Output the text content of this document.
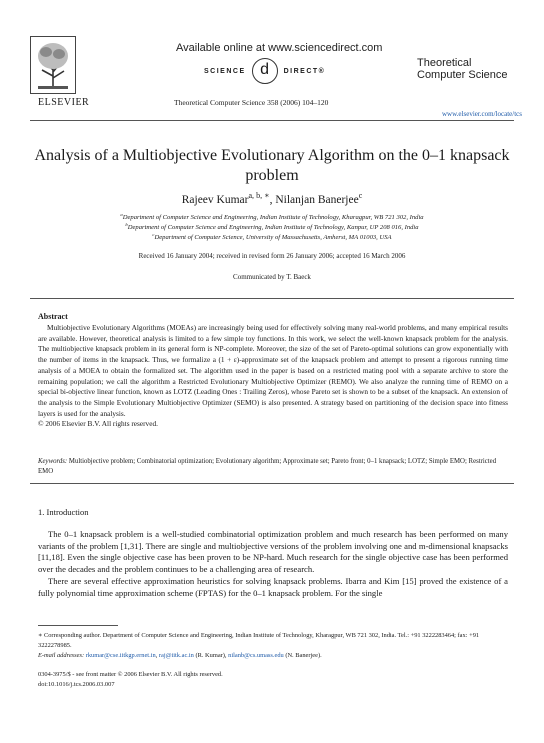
ELSEVIER
Available online at www.sciencedirect.com
SCIENCE d	DIRECT®
Theoretical Computer Science 358 (2006) 104–120
Theoretical
Computer Science
www.elsevier.com/locate/tcs
Analysis of a Multiobjective Evolutionary Algorithm on the 0–1 knapsack problem
Rajeev Kumar$^{a, b, ∗}$, Nilanjan Banerjee$^c$
$^a$Department of Computer Science and Engineering, Indian Institute of Technology, Kharagpur, WB 721 302, India
$^b$Department of Computer Science and Engineering, Indian Institute of Technology, Kanpur, UP 208 016, India
$^c$Department of Computer Science, University of Massachusetts, Amherst, MA 01003, USA
Received 16 January 2004; received in revised form 26 January 2006; accepted 16 March 2006
Communicated by T. Baeck
Abstract
Multiobjective Evolutionary Algorithms (MOEAs) are increasingly being used for effectively solving many real-world problems, and many empirical results are available. However, theoretical analysis is limited to a few simple toy functions. In this work, we select the well-known knapsack problem for the analysis. The multiobjective knapsack problem in its general form is NP-complete. Moreover, the size of the set of Pareto-optimal solutions can grow exponentially with the number of items in the knapsack. Thus, we formalize a (1 + ε)-approximate set of the knapsack problem and attempt to present a rigorous running time analysis of a MOEA to obtain the formalized set. The algorithm used in the paper is based on a restricted mating pool with a separate archive to store the remaining population; we call the algorithm a Restricted Evolutionary Multiobjective Optimizer (REMO). We also analyze the running time of REMO on a special bi-objective linear function, known as LOTZ (Leading Ones : Trailing Zeros), whose Pareto set is shown to be a subset of the knapsack. An extension of the analysis to the Simple Evolutionary Multiobjective Optimizer (SEMO) is also presented. A strategy based on partitioning of the decision space into fitness layers is used for the analysis.
© 2006 Elsevier B.V. All rights reserved.
Keywords: Multiobjective problem; Combinatorial optimization; Evolutionary algorithm; Approximate set; Pareto front; 0–1 knapsack; LOTZ; Simple EMO; Restricted EMO
1. Introduction

The 0–1 knapsack problem is a well-studied combinatorial optimization problem and much research has been performed on many variants of the problem [1,31]. There are single and multiobjective versions of the problem involving one and m-dimensional knapsacks [11,18]. Even the single objective case has been proven to be NP-hard. Much research for the single objective case has been performed over the decades and the problem continues to be a challenging area of research.

There are several effective approximation heuristics for solving knapsack problems. Ibarra and Kim [15] proved the existence of a fully polynomial time approximation scheme (FPTAS) for the 0–1 knapsack problem. For the single

∗ Corresponding author. Department of Computer Science and Engineering, Indian Institute of Technology, Kharagpur, WB 721 302, India. Tel.: +91 3222283464; fax: +91 3222278985.
E-mail addresses: rkumar@cse.iitkgp.ernet.in, raj@iitk.ac.in (R. Kumar), nilanb@cs.umass.edu (N. Banerjee).
0304-3975/$ - see front matter © 2006 Elsevier B.V. All rights reserved.
doi:10.1016/j.tcs.2006.03.007
